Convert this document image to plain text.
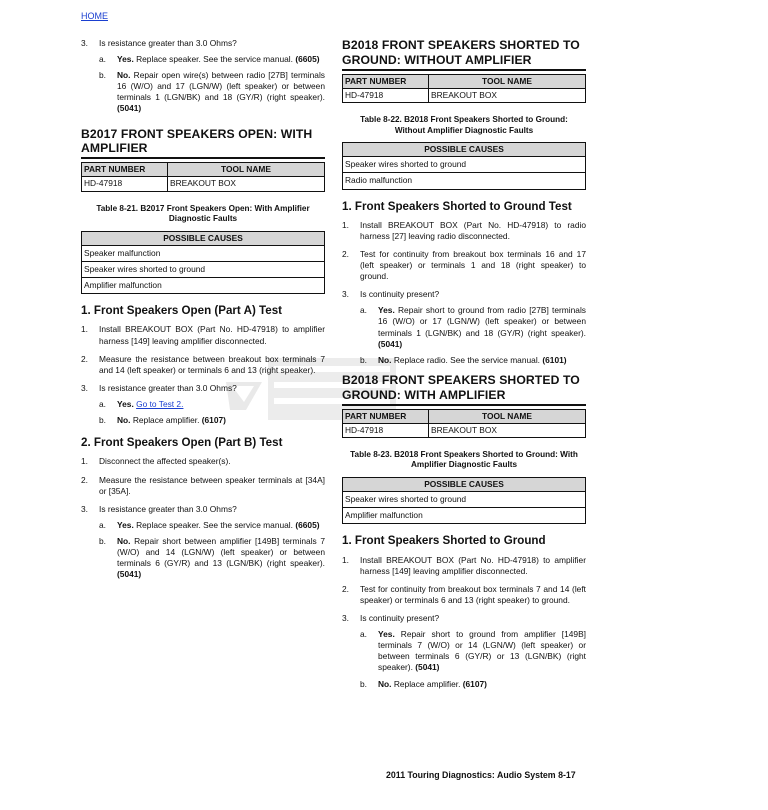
HOME
3.	Is resistance greater than 3.0 Ohms?
a.	Yes. Replace speaker. See the service manual. (6605)
b.	No. Repair open wire(s) between radio [27B] terminals 16 (W/O) and 17 (LGN/W) (left speaker) or between terminals 1 (LGN/BK) and 18 (GY/R) (right speaker). (5041)
B2017 FRONT SPEAKERS OPEN: WITH AMPLIFIER
PART NUMBER	TOOL NAME
HD-47918	BREAKOUT BOX
Table 8-21. B2017 Front Speakers Open: With Amplifier Diagnostic Faults
POSSIBLE CAUSES
Speaker malfunction
Speaker wires shorted to ground
Amplifier malfunction
1. Front Speakers Open (Part A) Test
1.	Install BREAKOUT BOX (Part No. HD-47918) to amplifier harness [149] leaving amplifier disconnected.
2.	Measure the resistance between breakout box terminals 7 and 14 (left speaker) or terminals 6 and 13 (right speaker).
3.	Is resistance greater than 3.0 Ohms?
a.	Yes. Go to Test 2.
b.	No. Replace amplifier. (6107)
2. Front Speakers Open (Part B) Test
1.	Disconnect the affected speaker(s).
2.	Measure the resistance between speaker terminals at [34A] or [35A].
3.	Is resistance greater than 3.0 Ohms?
a.	Yes. Replace speaker. See the service manual. (6605)
b.	No. Repair short between amplifier [149B] terminals 7 (W/O) and 14 (LGN/W) (left speaker) or between terminals 6 (GY/R) and 13 (LGN/BK) (right speaker). (5041)
B2018 FRONT SPEAKERS SHORTED TO GROUND: WITHOUT AMPLIFIER
PART NUMBER	TOOL NAME
HD-47918	BREAKOUT BOX
Table 8-22. B2018 Front Speakers Shorted to Ground: Without Amplifier Diagnostic Faults
POSSIBLE CAUSES
Speaker wires shorted to ground
Radio malfunction
1. Front Speakers Shorted to Ground Test
1.	Install BREAKOUT BOX (Part No. HD-47918) to radio harness [27] leaving radio disconnected.
2.	Test for continuity from breakout box terminals 16 and 17 (left speaker) or terminals 1 and 18 (right speaker) to ground.
3.	Is continuity present?
a.	Yes. Repair short to ground from radio [27B] terminals 16 (W/O) or 17 (LGN/W) (left speaker) or between terminals 1 (LGN/BK) and 18 (GY/R) (right speaker). (5041)
b.	No. Replace radio. See the service manual. (6101)
B2018 FRONT SPEAKERS SHORTED TO GROUND: WITH AMPLIFIER
PART NUMBER	TOOL NAME
HD-47918	BREAKOUT BOX
Table 8-23. B2018 Front Speakers Shorted to Ground: With Amplifier Diagnostic Faults
POSSIBLE CAUSES
Speaker wires shorted to ground
Amplifier malfunction
1. Front Speakers Shorted to Ground
1.	Install BREAKOUT BOX (Part No. HD-47918) to amplifier harness [149] leaving amplifier disconnected.
2.	Test for continuity from breakout box terminals 7 and 14 (left speaker) or terminals 6 and 13 (right speaker) to ground.
3.	Is continuity present?
a.	Yes. Repair short to ground from amplifier [149B] terminals 7 (W/O) or 14 (LGN/W) (left speaker) or between terminals 6 (GY/R) or 13 (LGN/BK) (right speaker). (5041)
b.	No. Replace amplifier. (6107)
2011 Touring Diagnostics: Audio System 8-17
